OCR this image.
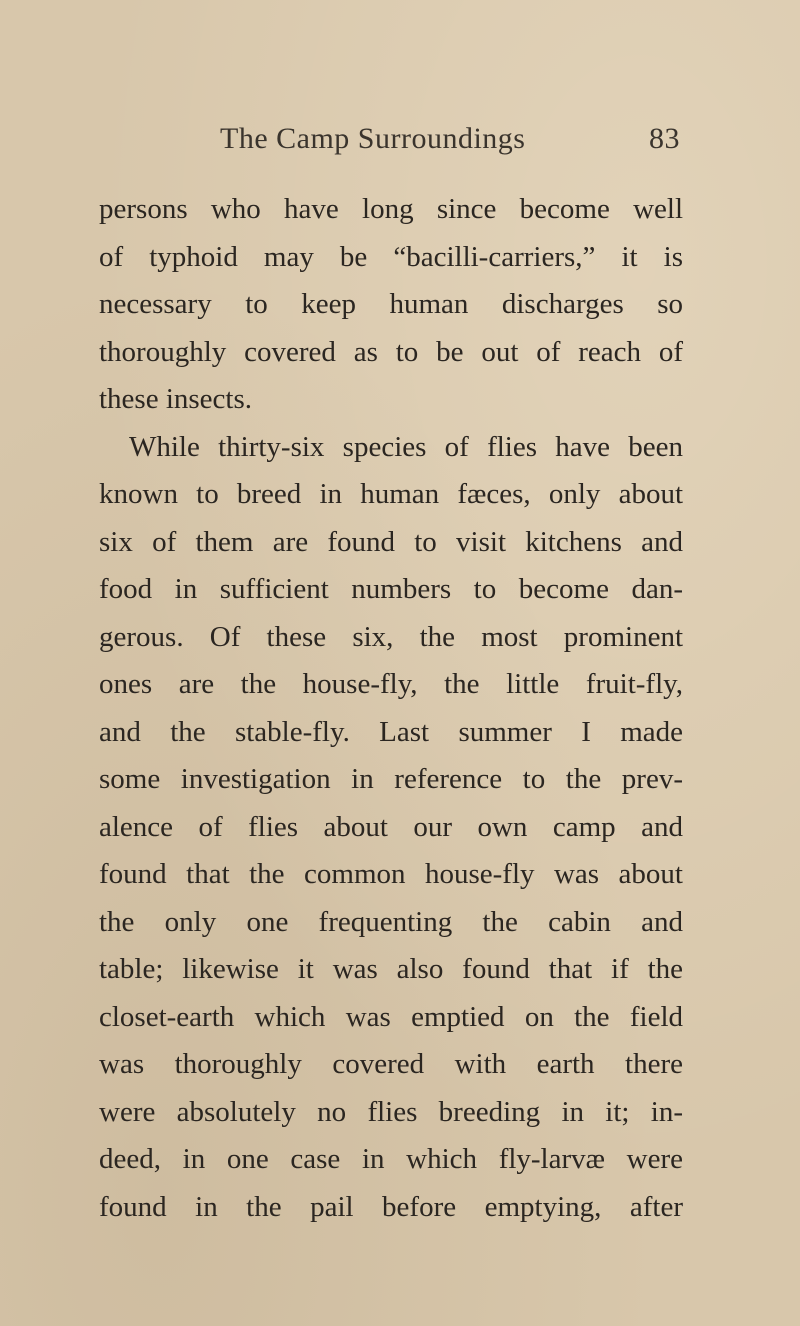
The Camp Surroundings	83
persons who have long since become well
of typhoid may be “bacilli-carriers,” it is
necessary to keep human discharges so
thoroughly covered as to be out of reach of
these insects.
While thirty-six species of flies have been
known to breed in human fæces, only about
six of them are found to visit kitchens and
food in sufficient numbers to become dan-
gerous. Of these six, the most prominent
ones are the house-fly, the little fruit-fly,
and the stable-fly. Last summer I made
some investigation in reference to the prev-
alence of flies about our own camp and
found that the common house-fly was about
the only one frequenting the cabin and
table; likewise it was also found that if the
closet-earth which was emptied on the field
was thoroughly covered with earth there
were absolutely no flies breeding in it; in-
deed, in one case in which fly-larvæ were
found in the pail before emptying, after
